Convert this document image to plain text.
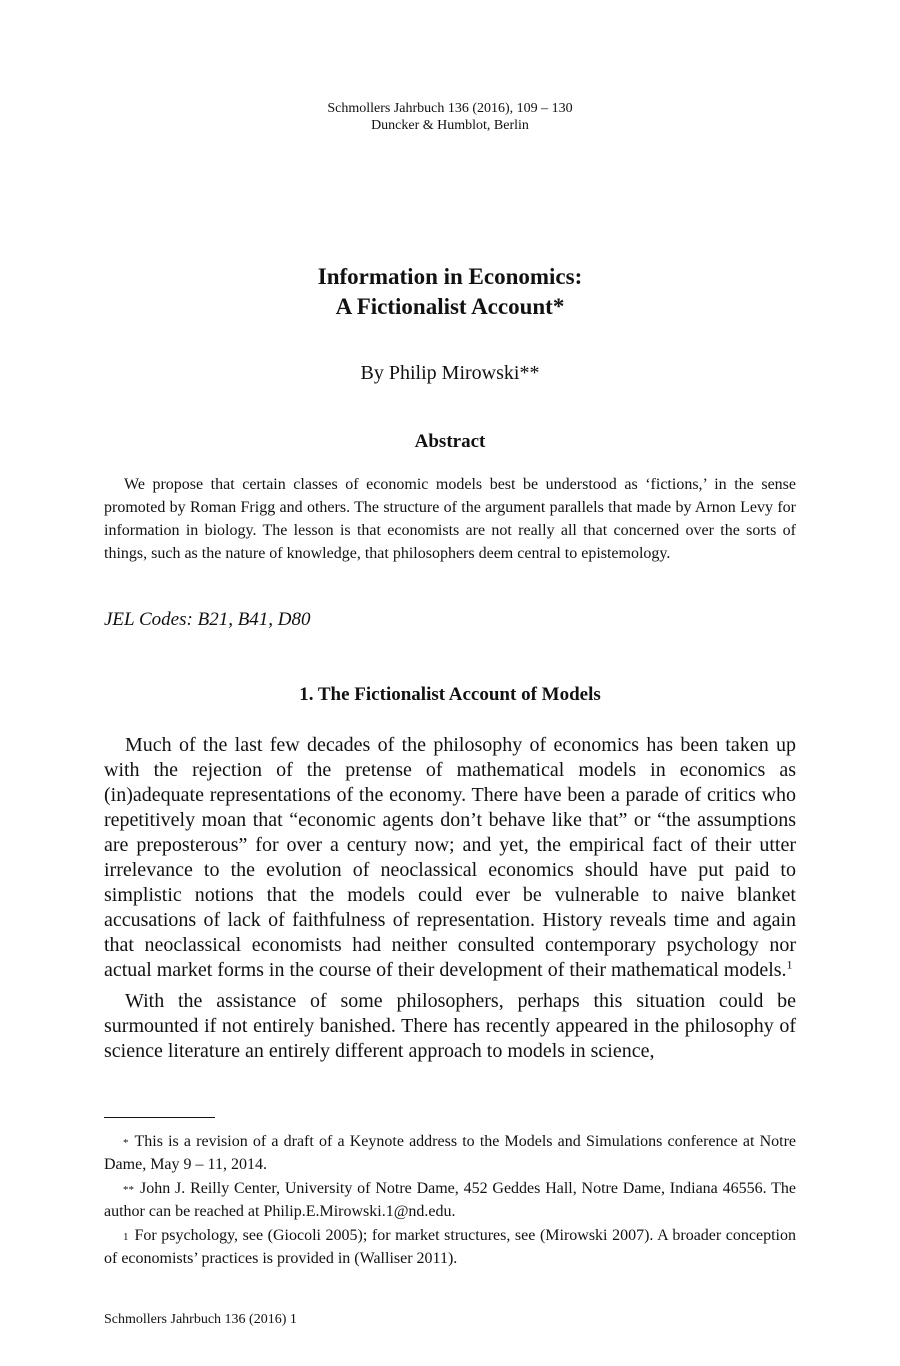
Schmollers Jahrbuch 136 (2016), 109 – 130
Duncker & Humblot, Berlin
Information in Economics:
A Fictionalist Account*
By Philip Mirowski**
Abstract

We propose that certain classes of economic models best be understood as ‘fictions,’ in the sense promoted by Roman Frigg and others. The structure of the argument parallels that made by Arnon Levy for information in biology. The lesson is that economists are not really all that concerned over the sorts of things, such as the nature of knowledge, that philosophers deem central to epistemology.

JEL Codes: B21, B41, D80
1. The Fictionalist Account of Models

Much of the last few decades of the philosophy of economics has been taken up with the rejection of the pretense of mathematical models in economics as (in)adequate representations of the economy. There have been a parade of critics who repetitively moan that “economic agents don’t behave like that” or “the assumptions are preposterous” for over a century now; and yet, the empirical fact of their utter irrelevance to the evolution of neoclassical economics should have put paid to simplistic notions that the models could ever be vulnerable to naive blanket accusations of lack of faithfulness of representation. History reveals time and again that neoclassical economists had neither consulted contemporary psychology nor actual market forms in the course of their development of their mathematical models.$^1$

With the assistance of some philosophers, perhaps this situation could be surmounted if not entirely banished. There has recently appeared in the philosophy of science literature an entirely different approach to models in science,

* This is a revision of a draft of a Keynote address to the Models and Simulations conference at Notre Dame, May 9 – 11, 2014.

** John J. Reilly Center, University of Notre Dame, 452 Geddes Hall, Notre Dame, Indiana 46556. The author can be reached at Philip.E.Mirowski.1@nd.edu.

1 For psychology, see (Giocoli 2005); for market structures, see (Mirowski 2007). A broader conception of economists’ practices is provided in (Walliser 2011).

Schmollers Jahrbuch 136 (2016) 1
